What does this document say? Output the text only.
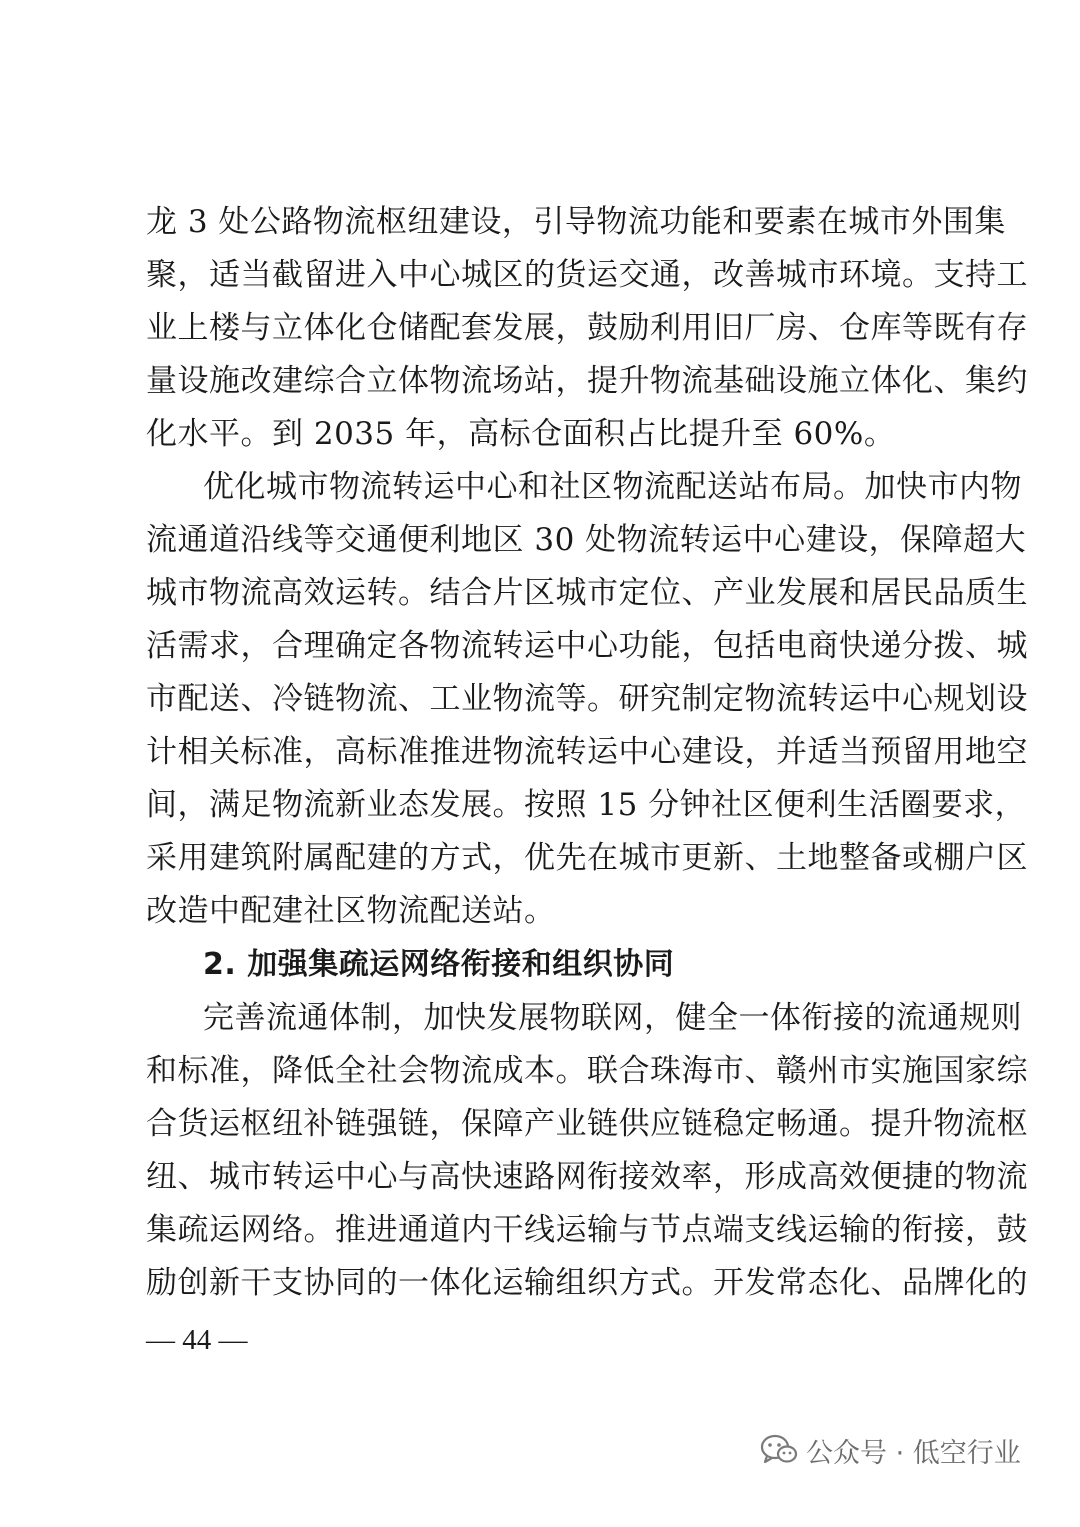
龙 3 处公路物流枢纽建设，引导物流功能和要素在城市外围集
聚，适当截留进入中心城区的货运交通，改善城市环境。支持工
业上楼与立体化仓储配套发展，鼓励利用旧厂房、仓库等既有存
量设施改建综合立体物流场站，提升物流基础设施立体化、集约
化水平。到 2035 年，高标仓面积占比提升至 60%。
优化城市物流转运中心和社区物流配送站布局。加快市内物
流通道沿线等交通便利地区 30 处物流转运中心建设，保障超大
城市物流高效运转。结合片区城市定位、产业发展和居民品质生
活需求，合理确定各物流转运中心功能，包括电商快递分拨、城
市配送、冷链物流、工业物流等。研究制定物流转运中心规划设
计相关标准，高标准推进物流转运中心建设，并适当预留用地空
间，满足物流新业态发展。按照 15 分钟社区便利生活圈要求，
采用建筑附属配建的方式，优先在城市更新、土地整备或棚户区
改造中配建社区物流配送站。
2. 加强集疏运网络衔接和组织协同
完善流通体制，加快发展物联网，健全一体衔接的流通规则
和标准，降低全社会物流成本。联合珠海市、赣州市实施国家综
合货运枢纽补链强链，保障产业链供应链稳定畅通。提升物流枢
纽、城市转运中心与高快速路网衔接效率，形成高效便捷的物流
集疏运网络。推进通道内干线运输与节点端支线运输的衔接，鼓
励创新干支协同的一体化运输组织方式。开发常态化、品牌化的
— 44 —
公众号 · 低空行业
